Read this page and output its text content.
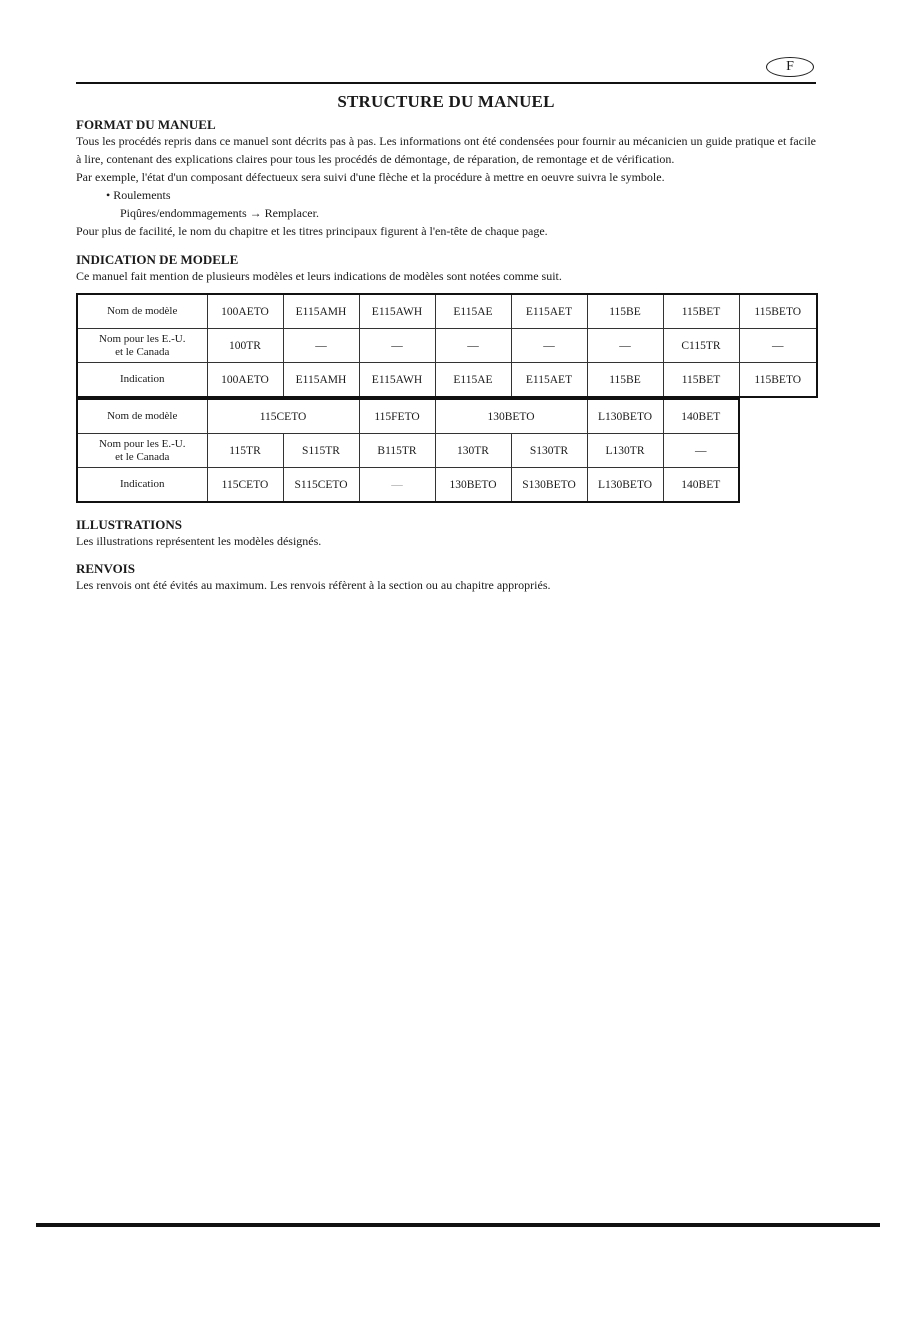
F
STRUCTURE DU MANUEL
FORMAT DU MANUEL

Tous les procédés repris dans ce manuel sont décrits pas à pas. Les informations ont été condensées pour fournir au mécanicien un guide pratique et facile à lire, contenant des explications claires pour tous les procédés de démontage, de réparation, de remontage et de vérification.

Par exemple, l'état d'un composant défectueux sera suivi d'une flèche et la procédure à mettre en oeuvre suivra le symbole.

• Roulements

Piqûres/endommagements → Remplacer.

Pour plus de facilité, le nom du chapitre et les titres principaux figurent à l'en-tête de chaque page.

INDICATION DE MODELE

Ce manuel fait mention de plusieurs modèles et leurs indications de modèles sont notées comme suit.

Nom de modèle	100AETO	E115AMH	E115AWH	E115AE	E115AET	115BE	115BET	115BETO
Nom pour les E.-U.
et le Canada	100TR	—	—	—	—	—	C115TR	—
Indication	100AETO	E115AMH	E115AWH	E115AE	E115AET	115BE	115BET	115BETO
Nom de modèle	115CETO		115FETO	130BETO		L130BETO	140BET
Nom pour les E.-U.
et le Canada	115TR	S115TR	B115TR	130TR	S130TR	L130TR	—
Indication	115CETO	S115CETO	—	130BETO	S130BETO	L130BETO	140BET
ILLUSTRATIONS

Les illustrations représentent les modèles désignés.

RENVOIS

Les renvois ont été évités au maximum. Les renvois réfèrent à la section ou au chapitre appropriés.
